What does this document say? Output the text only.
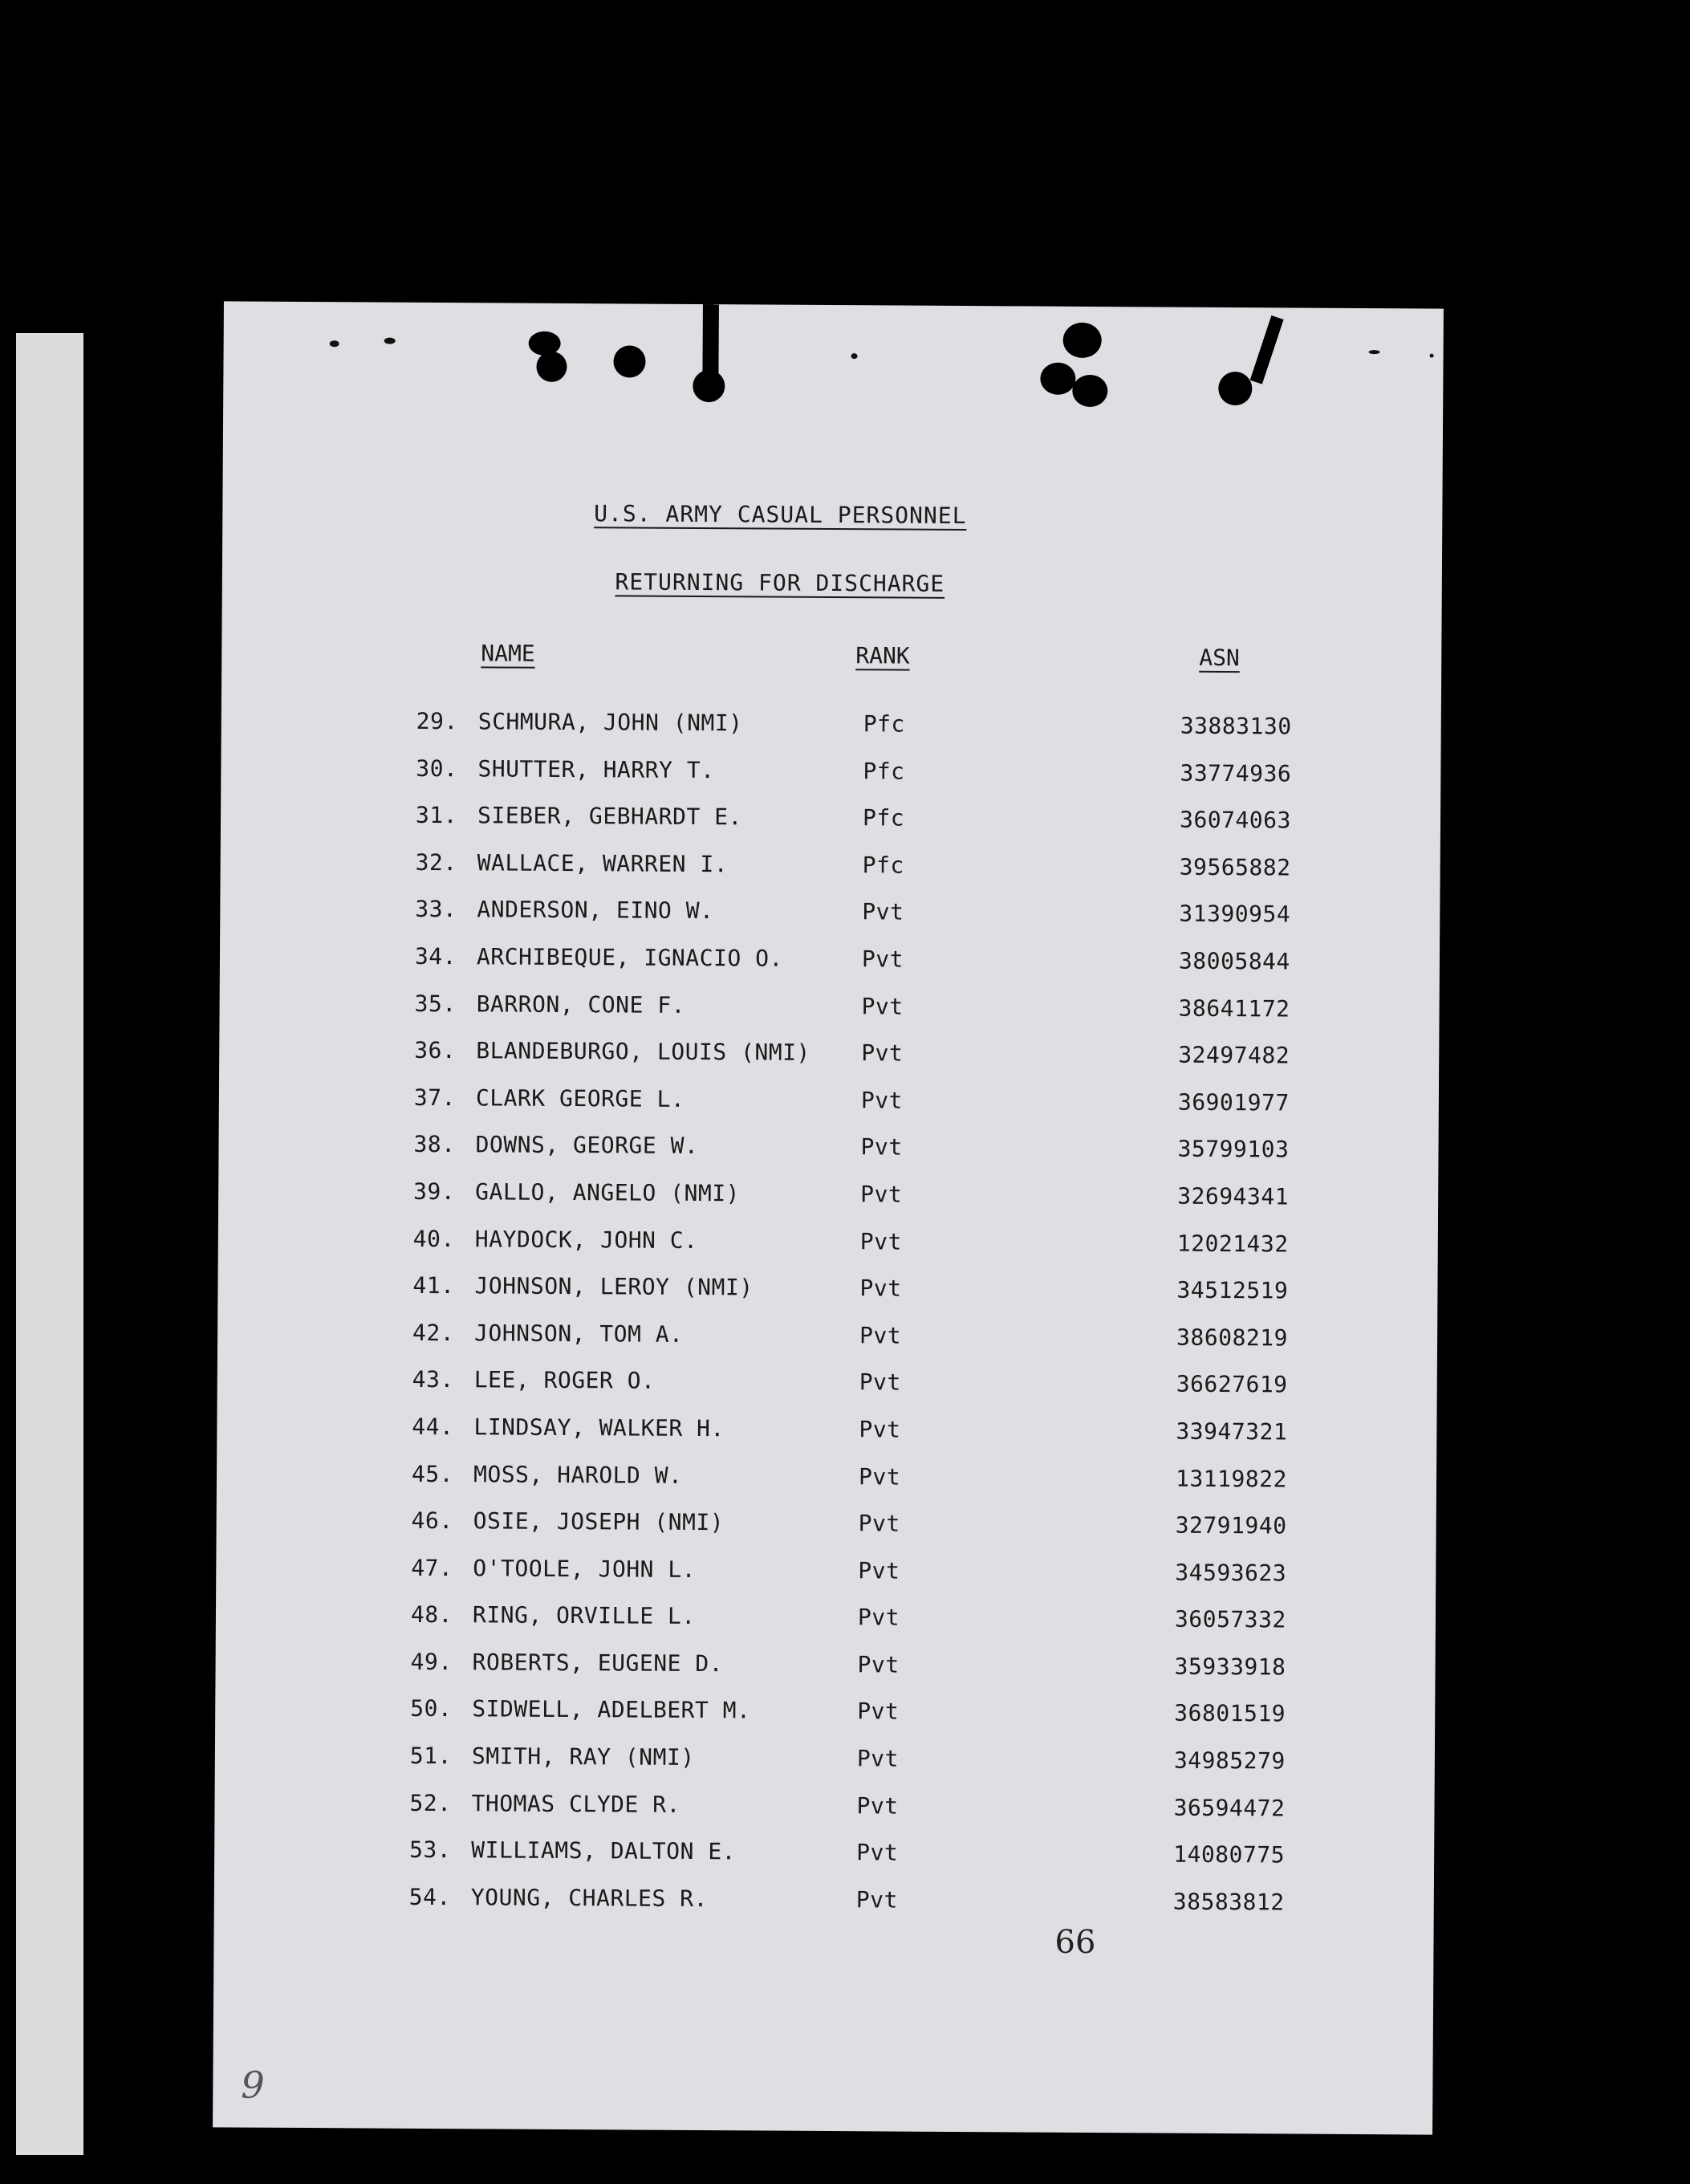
U.S. ARMY CASUAL PERSONNEL
RETURNING FOR DISCHARGE
NAME	RANK	ASN
29. SCHMURA, JOHN (NMI)	Pfc	33883130
30. SHUTTER, HARRY T.	Pfc	33774936
31. SIEBER, GEBHARDT E.	Pfc	36074063
32. WALLACE, WARREN I.	Pfc	39565882
33. ANDERSON, EINO W.	Pvt	31390954
34. ARCHIBEQUE, IGNACIO O.	Pvt	38005844
35. BARRON, CONE F.	Pvt	38641172
36. BLANDEBURGO, LOUIS (NMI) Pvt	32497482
37. CLARK GEORGE L.	Pvt	36901977
38. DOWNS, GEORGE W.	Pvt	35799103
39. GALLO, ANGELO (NMI)	Pvt	32694341
40. HAYDOCK, JOHN C.	Pvt	12021432
41. JOHNSON, LEROY (NMI)	Pvt	34512519
42. JOHNSON, TOM A.	Pvt	38608219
43. LEE, ROGER O.	Pvt	36627619
44. LINDSAY, WALKER H.	Pvt	33947321
45. MOSS, HAROLD W.	Pvt	13119822
46. OSIE, JOSEPH (NMI)	Pvt	32791940
47. O'TOOLE, JOHN L.	Pvt	34593623
48. RING, ORVILLE L.	Pvt	36057332
49. ROBERTS, EUGENE D.	Pvt	35933918
50. SIDWELL, ADELBERT M.	Pvt	36801519
51. SMITH, RAY (NMI)	Pvt	34985279
52. THOMAS CLYDE R.	Pvt	36594472
53. WILLIAMS, DALTON E.	Pvt	14080775
54. YOUNG, CHARLES R.	Pvt	38583812
66
9
